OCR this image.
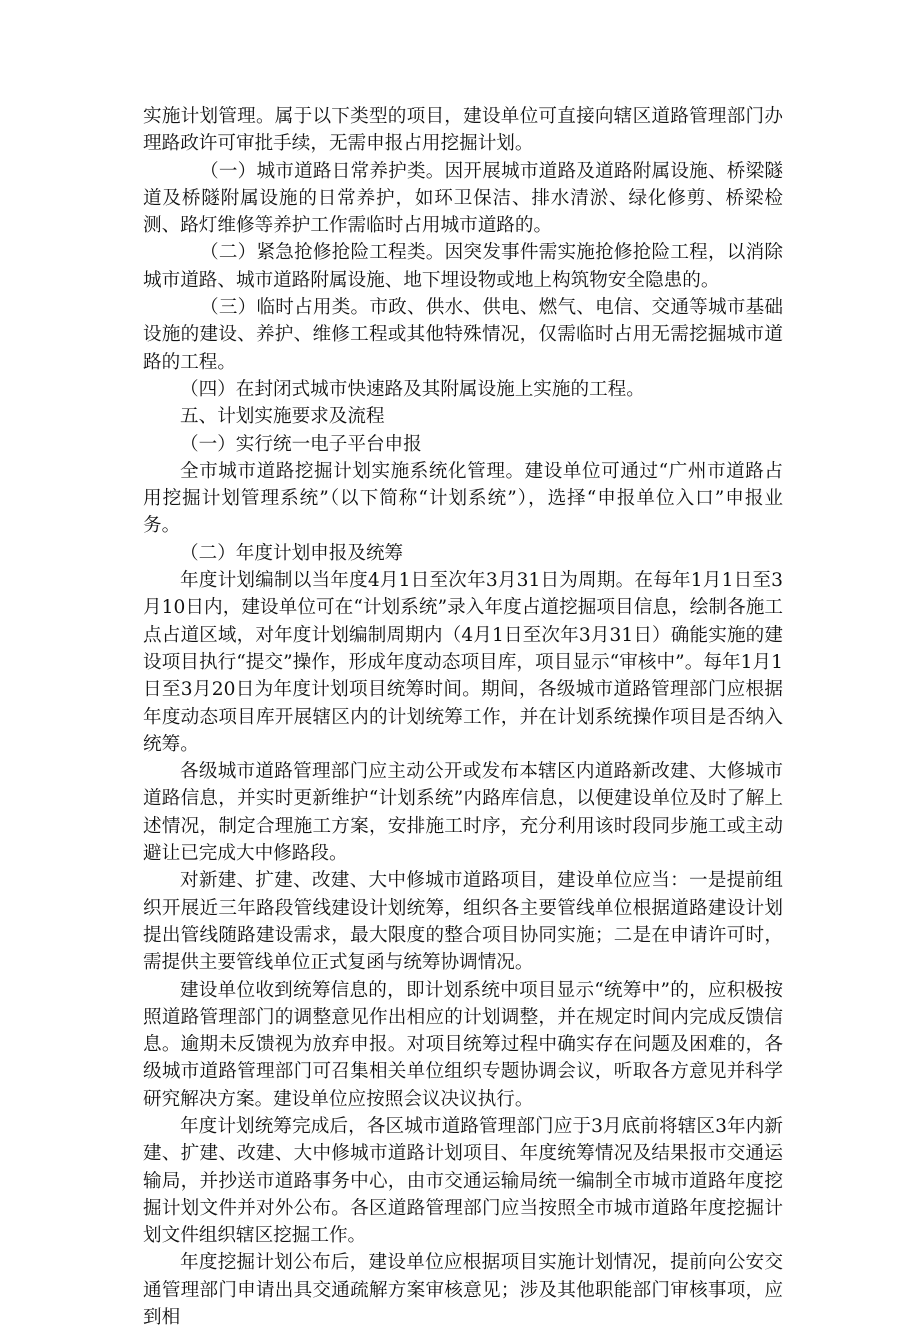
实施计划管理。属于以下类型的项目，建设单位可直接向辖区道路管理部门办理路政许可审批手续，无需申报占用挖掘计划。

（一）城市道路日常养护类。因开展城市道路及道路附属设施、桥梁隧道及桥隧附属设施的日常养护，如环卫保洁、排水清淤、绿化修剪、桥梁检测、路灯维修等养护工作需临时占用城市道路的。

（二）紧急抢修抢险工程类。因突发事件需实施抢修抢险工程，以消除城市道路、城市道路附属设施、地下埋设物或地上构筑物安全隐患的。

（三）临时占用类。市政、供水、供电、燃气、电信、交通等城市基础设施的建设、养护、维修工程或其他特殊情况，仅需临时占用无需挖掘城市道路的工程。

（四）在封闭式城市快速路及其附属设施上实施的工程。

五、计划实施要求及流程

（一）实行统一电子平台申报

全市城市道路挖掘计划实施系统化管理。建设单位可通过“广州市道路占用挖掘计划管理系统”（以下简称“计划系统”），选择“申报单位入口”申报业务。

（二）年度计划申报及统筹

年度计划编制以当年度4月1日至次年3月31日为周期。在每年1月1日至3月10日内，建设单位可在“计划系统”录入年度占道挖掘项目信息，绘制各施工点占道区域，对年度计划编制周期内（4月1日至次年3月31日）确能实施的建设项目执行“提交”操作，形成年度动态项目库，项目显示“审核中”。每年1月1日至3月20日为年度计划项目统筹时间。期间，各级城市道路管理部门应根据年度动态项目库开展辖区内的计划统筹工作，并在计划系统操作项目是否纳入统筹。

各级城市道路管理部门应主动公开或发布本辖区内道路新改建、大修城市道路信息，并实时更新维护“计划系统”内路库信息，以便建设单位及时了解上述情况，制定合理施工方案，安排施工时序，充分利用该时段同步施工或主动避让已完成大中修路段。

对新建、扩建、改建、大中修城市道路项目，建设单位应当：一是提前组织开展近三年路段管线建设计划统筹，组织各主要管线单位根据道路建设计划提出管线随路建设需求，最大限度的整合项目协同实施；二是在申请许可时，需提供主要管线单位正式复函与统筹协调情况。

建设单位收到统筹信息的，即计划系统中项目显示“统筹中”的，应积极按照道路管理部门的调整意见作出相应的计划调整，并在规定时间内完成反馈信息。逾期未反馈视为放弃申报。对项目统筹过程中确实存在问题及困难的，各级城市道路管理部门可召集相关单位组织专题协调会议，听取各方意见并科学研究解决方案。建设单位应按照会议决议执行。

年度计划统筹完成后，各区城市道路管理部门应于3月底前将辖区3年内新建、扩建、改建、大中修城市道路计划项目、年度统筹情况及结果报市交通运输局，并抄送市道路事务中心，由市交通运输局统一编制全市城市道路年度挖掘计划文件并对外公布。各区道路管理部门应当按照全市城市道路年度挖掘计划文件组织辖区挖掘工作。

年度挖掘计划公布后，建设单位应根据项目实施计划情况，提前向公安交通管理部门申请出具交通疏解方案审核意见；涉及其他职能部门审核事项，应到相
